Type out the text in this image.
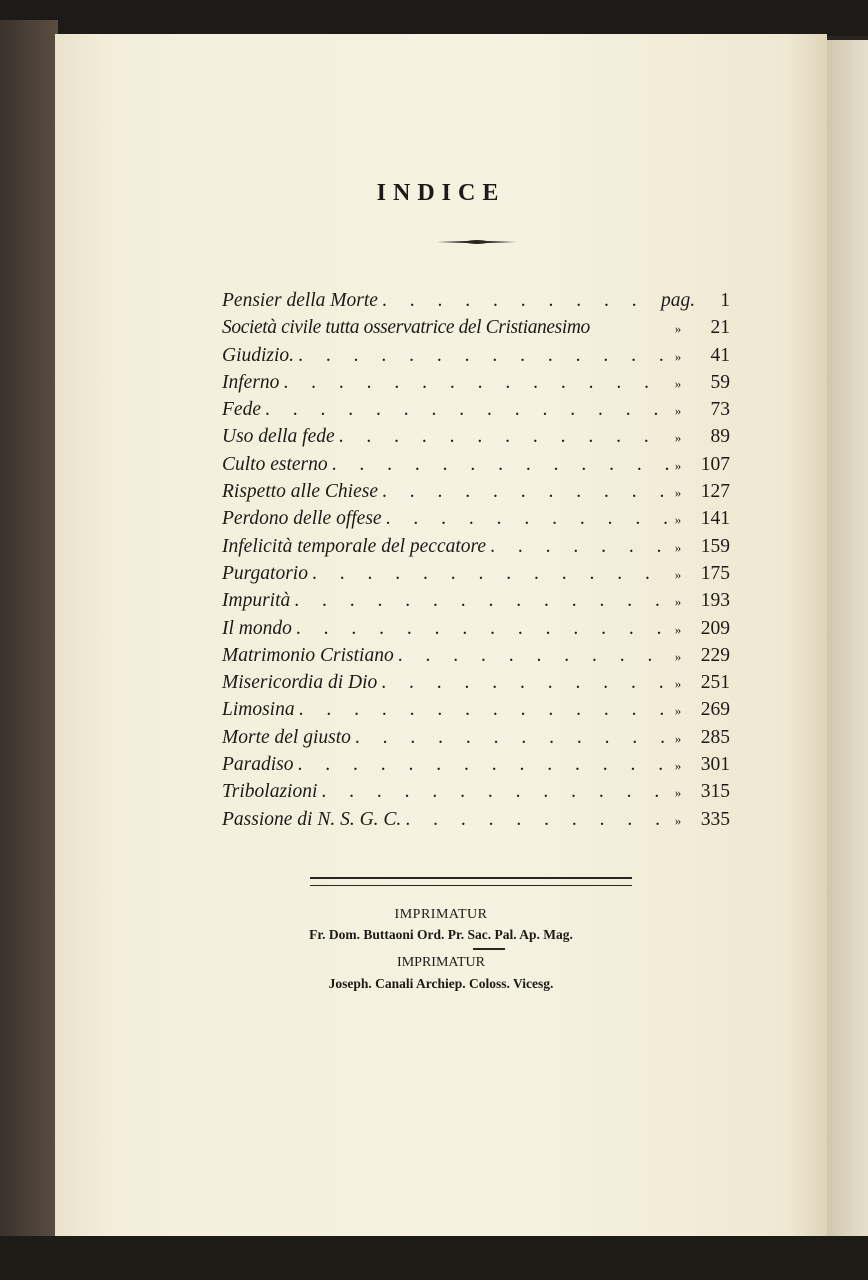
INDICE
Pensier della Morte . . .	pag.	1
Società civile tutta osservatrice del Cristianesimo	»	21
Giudizio. . . .	»	41
Inferno . . .	»	59
Fede . . .	»	73
Uso della fede . . .	»	89
Culto esterno . . .	»	107
Rispetto alle Chiese . . .	»	127
Perdono delle offese . . .	»	141
Infelicità temporale del peccatore . . .	»	159
Purgatorio . . .	»	175
Impurità . . .	»	193
Il mondo . . .	»	209
Matrimonio Cristiano . . .	»	229
Misericordia di Dio . . .	»	251
Limosina . . .	»	269
Morte del giusto . . .	»	285
Paradiso . . .	»	301
Tribolazioni . . .	»	315
Passione di N. S. G. C. . . .	»	335
IMPRIMATUR
Fr. Dom. Buttaoni Ord. Pr. Sac. Pal. Ap. Mag.
IMPRIMATUR
Joseph. Canali Archiep. Coloss. Vicesg.
